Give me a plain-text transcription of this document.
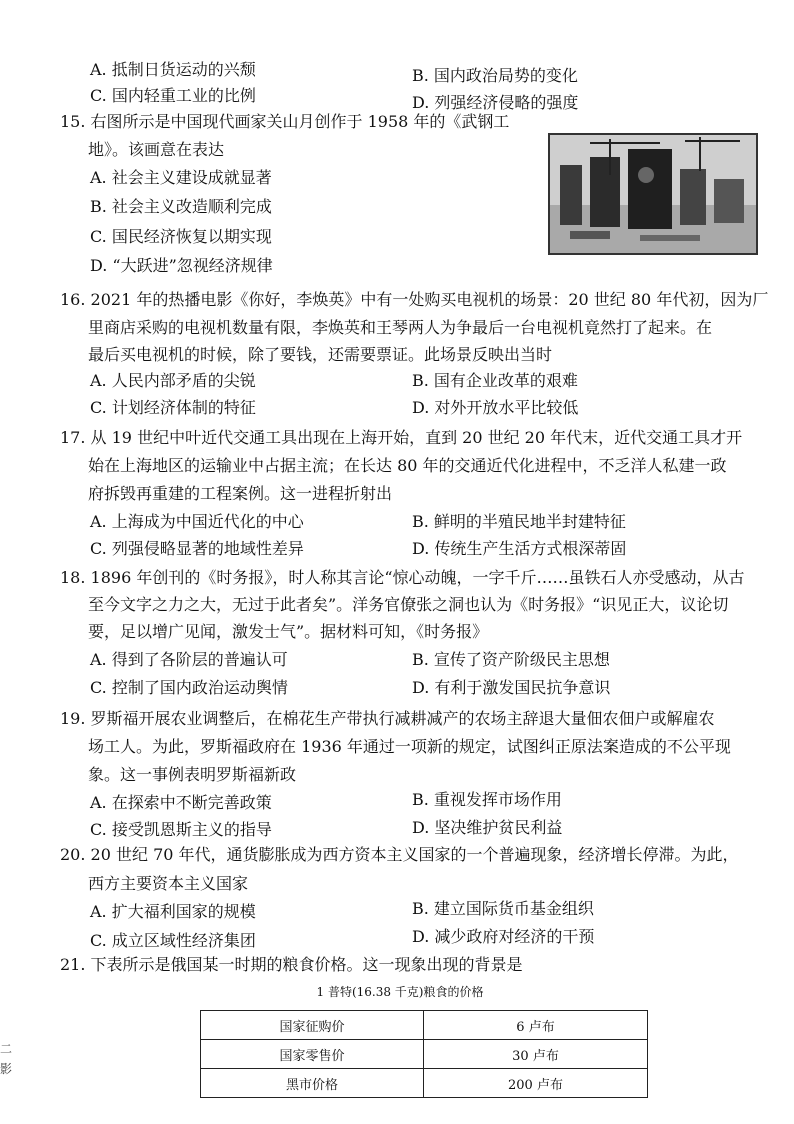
A. 抵制日货运动的兴颓	B. 国内政治局势的变化
C. 国内轻重工业的比例	D. 列强经济侵略的强度
15. 右图所示是中国现代画家关山月创作于 1958 年的《武钢工
地》。该画意在表达
A. 社会主义建设成就显著
B. 社会主义改造顺利完成
C. 国民经济恢复以期实现
D. “大跃进”忽视经济规律
16. 2021 年的热播电影《你好，李焕英》中有一处购买电视机的场景：20 世纪 80 年代初，因为厂
里商店采购的电视机数量有限，李焕英和王琴两人为争最后一台电视机竟然打了起来。在
最后买电视机的时候，除了要钱，还需要票证。此场景反映出当时
A. 人民内部矛盾的尖锐	B. 国有企业改革的艰难
C. 计划经济体制的特征	D. 对外开放水平比较低
17. 从 19 世纪中叶近代交通工具出现在上海开始，直到 20 世纪 20 年代末，近代交通工具才开
始在上海地区的运输业中占据主流；在长达 80 年的交通近代化进程中，不乏洋人私建一政
府拆毁再重建的工程案例。这一进程折射出
A. 上海成为中国近代化的中心	B. 鲜明的半殖民地半封建特征
C. 列强侵略显著的地域性差异	D. 传统生产生活方式根深蒂固
18. 1896 年创刊的《时务报》，时人称其言论“惊心动魄，一字千斤……虽铁石人亦受感动，从古
至今文字之力之大，无过于此者矣”。洋务官僚张之洞也认为《时务报》“识见正大，议论切
要，足以增广见闻，激发士气”。据材料可知，《时务报》
A. 得到了各阶层的普遍认可	B. 宣传了资产阶级民主思想
C. 控制了国内政治运动舆情	D. 有利于激发国民抗争意识
19. 罗斯福开展农业调整后，在棉花生产带执行减耕减产的农场主辞退大量佃农佃户或解雇农
场工人。为此，罗斯福政府在 1936 年通过一项新的规定，试图纠正原法案造成的不公平现
象。这一事例表明罗斯福新政
A. 在探索中不断完善政策	B. 重视发挥市场作用
C. 接受凯恩斯主义的指导	D. 坚决维护贫民利益
20. 20 世纪 70 年代，通货膨胀成为西方资本主义国家的一个普遍现象，经济增长停滞。为此，
西方主要资本主义国家
A. 扩大福利国家的规模	B. 建立国际货币基金组织
C. 成立区域性经济集团	D. 减少政府对经济的干预
21. 下表所示是俄国某一时期的粮食价格。这一现象出现的背景是
1 普特(16.38 千克)粮食的价格
国家征购价	6 卢布
国家零售价	30 卢布
黑市价格	200 卢布
二
影
